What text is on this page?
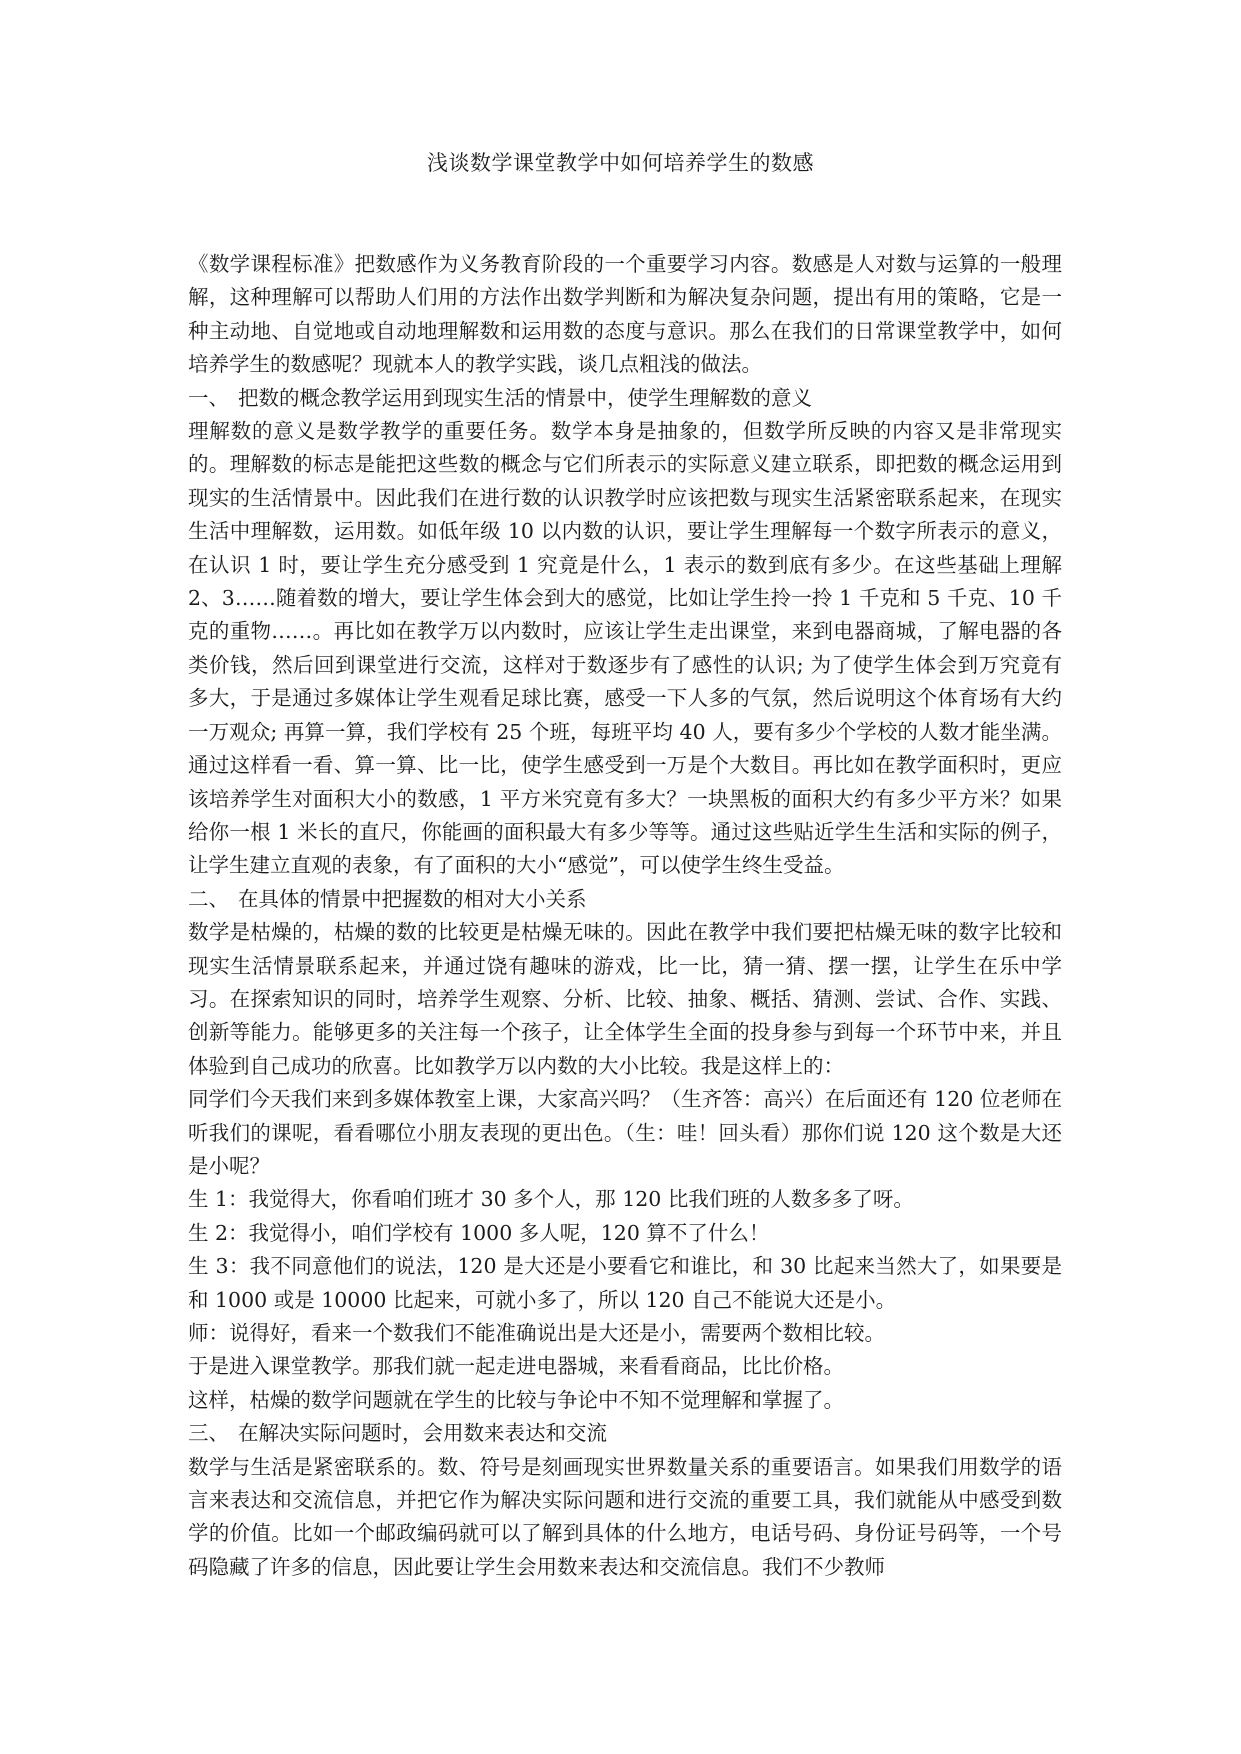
浅谈数学课堂教学中如何培养学生的数感

《数学课程标准》把数感作为义务教育阶段的一个重要学习内容。数感是人对数与运算的一般理解，这种理解可以帮助人们用的方法作出数学判断和为解决复杂问题，提出有用的策略，它是一种主动地、自觉地或自动地理解数和运用数的态度与意识。那么在我们的日常课堂教学中，如何培养学生的数感呢？现就本人的教学实践，谈几点粗浅的做法。

一、 把数的概念教学运用到现实生活的情景中，使学生理解数的意义

理解数的意义是数学教学的重要任务。数学本身是抽象的，但数学所反映的内容又是非常现实的。理解数的标志是能把这些数的概念与它们所表示的实际意义建立联系，即把数的概念运用到现实的生活情景中。因此我们在进行数的认识教学时应该把数与现实生活紧密联系起来，在现实生活中理解数，运用数。如低年级 10 以内数的认识，要让学生理解每一个数字所表示的意义，在认识 1 时，要让学生充分感受到 1 究竟是什么，1 表示的数到底有多少。在这些基础上理解 2、3……随着数的增大，要让学生体会到大的感觉，比如让学生拎一拎 1 千克和 5 千克、10 千克的重物……。再比如在教学万以内数时，应该让学生走出课堂，来到电器商城，了解电器的各类价钱，然后回到课堂进行交流，这样对于数逐步有了感性的认识; 为了使学生体会到万究竟有多大，于是通过多媒体让学生观看足球比赛，感受一下人多的气氛，然后说明这个体育场有大约一万观众; 再算一算，我们学校有 25 个班，每班平均 40 人，要有多少个学校的人数才能坐满。通过这样看一看、算一算、比一比，使学生感受到一万是个大数目。再比如在教学面积时，更应该培养学生对面积大小的数感，1 平方米究竟有多大？一块黑板的面积大约有多少平方米？如果给你一根 1 米长的直尺，你能画的面积最大有多少等等。通过这些贴近学生生活和实际的例子，让学生建立直观的表象，有了面积的大小“感觉”，可以使学生终生受益。

二、 在具体的情景中把握数的相对大小关系

数学是枯燥的，枯燥的数的比较更是枯燥无味的。因此在教学中我们要把枯燥无味的数字比较和现实生活情景联系起来，并通过饶有趣味的游戏，比一比，猜一猜、摆一摆，让学生在乐中学习。在探索知识的同时，培养学生观察、分析、比较、抽象、概括、猜测、尝试、合作、实践、创新等能力。能够更多的关注每一个孩子，让全体学生全面的投身参与到每一个环节中来，并且体验到自己成功的欣喜。比如教学万以内数的大小比较。我是这样上的：

同学们今天我们来到多媒体教室上课，大家高兴吗？（生齐答：高兴）在后面还有 120 位老师在听我们的课呢，看看哪位小朋友表现的更出色。（生：哇！回头看）那你们说 120 这个数是大还是小呢？

生 1：我觉得大，你看咱们班才 30 多个人，那 120 比我们班的人数多多了呀。

生 2：我觉得小，咱们学校有 1000 多人呢，120 算不了什么！

生 3：我不同意他们的说法，120 是大还是小要看它和谁比，和 30 比起来当然大了，如果要是和 1000 或是 10000 比起来，可就小多了，所以 120 自己不能说大还是小。

师：说得好，看来一个数我们不能准确说出是大还是小，需要两个数相比较。

于是进入课堂教学。那我们就一起走进电器城，来看看商品，比比价格。

这样，枯燥的数学问题就在学生的比较与争论中不知不觉理解和掌握了。

三、 在解决实际问题时，会用数来表达和交流

数学与生活是紧密联系的。数、符号是刻画现实世界数量关系的重要语言。如果我们用数学的语言来表达和交流信息，并把它作为解决实际问题和进行交流的重要工具，我们就能从中感受到数学的价值。比如一个邮政编码就可以了解到具体的什么地方，电话号码、身份证号码等，一个号码隐藏了许多的信息，因此要让学生会用数来表达和交流信息。我们不少教师
